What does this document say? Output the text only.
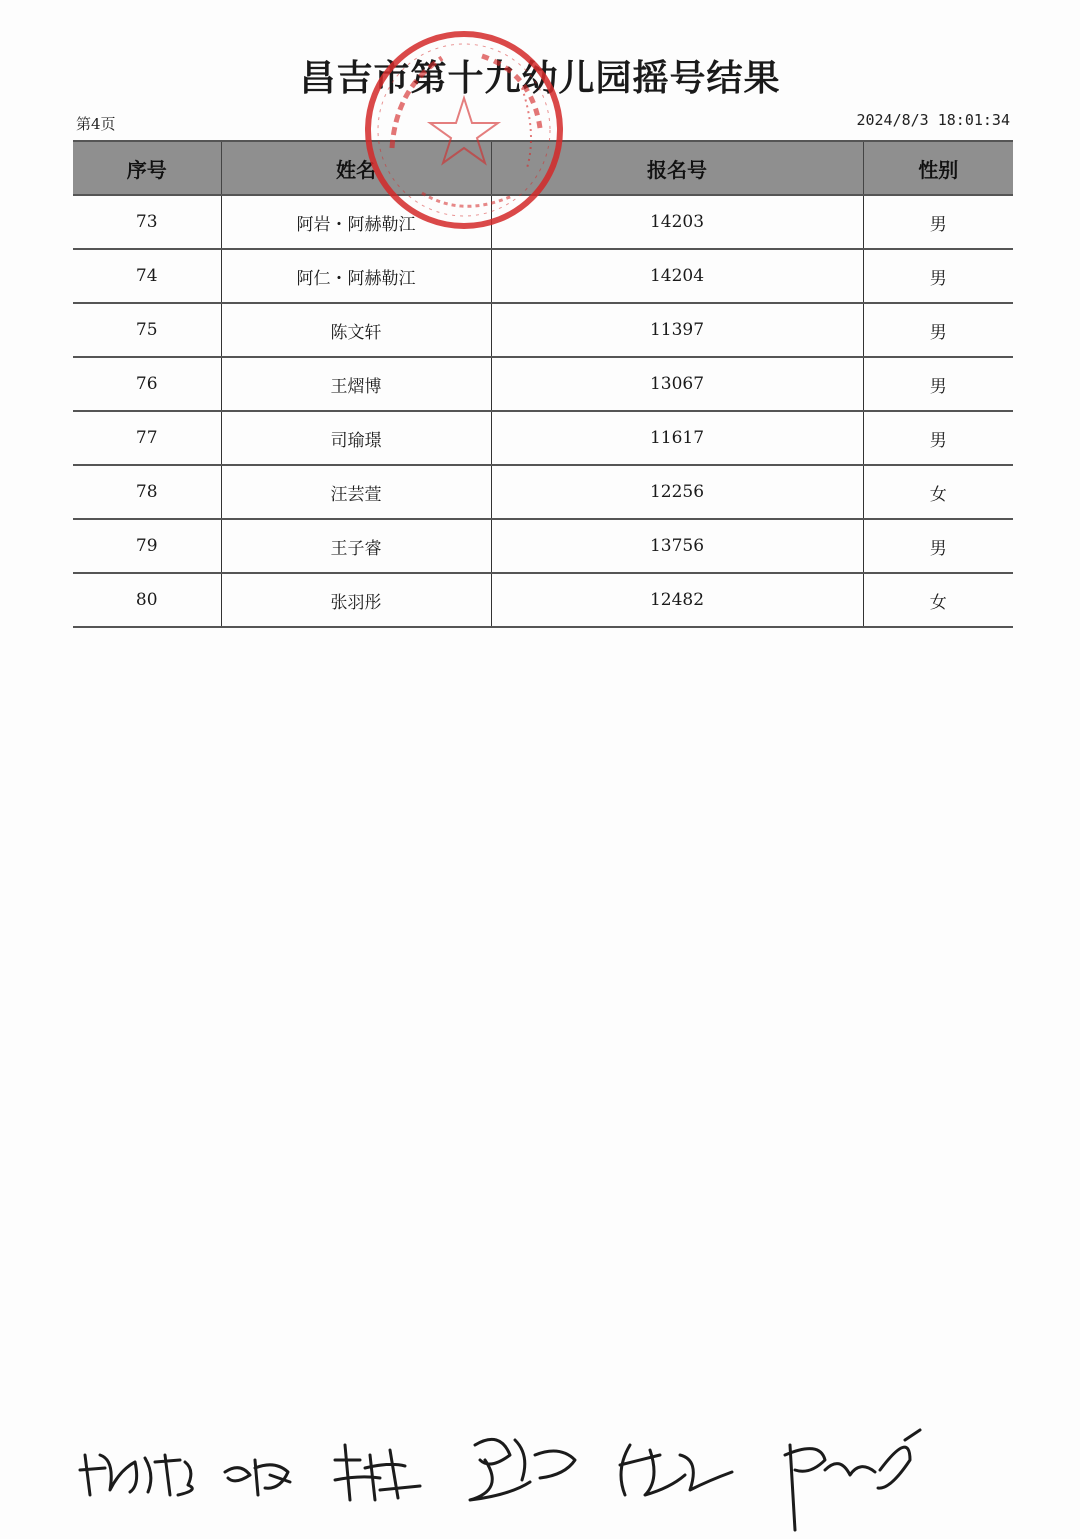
昌吉市第十九幼儿园摇号结果
第4页	2024/8/3 18:01:34
序号	姓名	报名号	性别
73	阿岩・阿赫勒江	14203	男
74	阿仁・阿赫勒江	14204	男
75	陈文轩	11397	男
76	王熠博	13067	男
77	司瑜璟	11617	男
78	汪芸萱	12256	女
79	王子睿	13756	男
80	张羽彤	12482	女
